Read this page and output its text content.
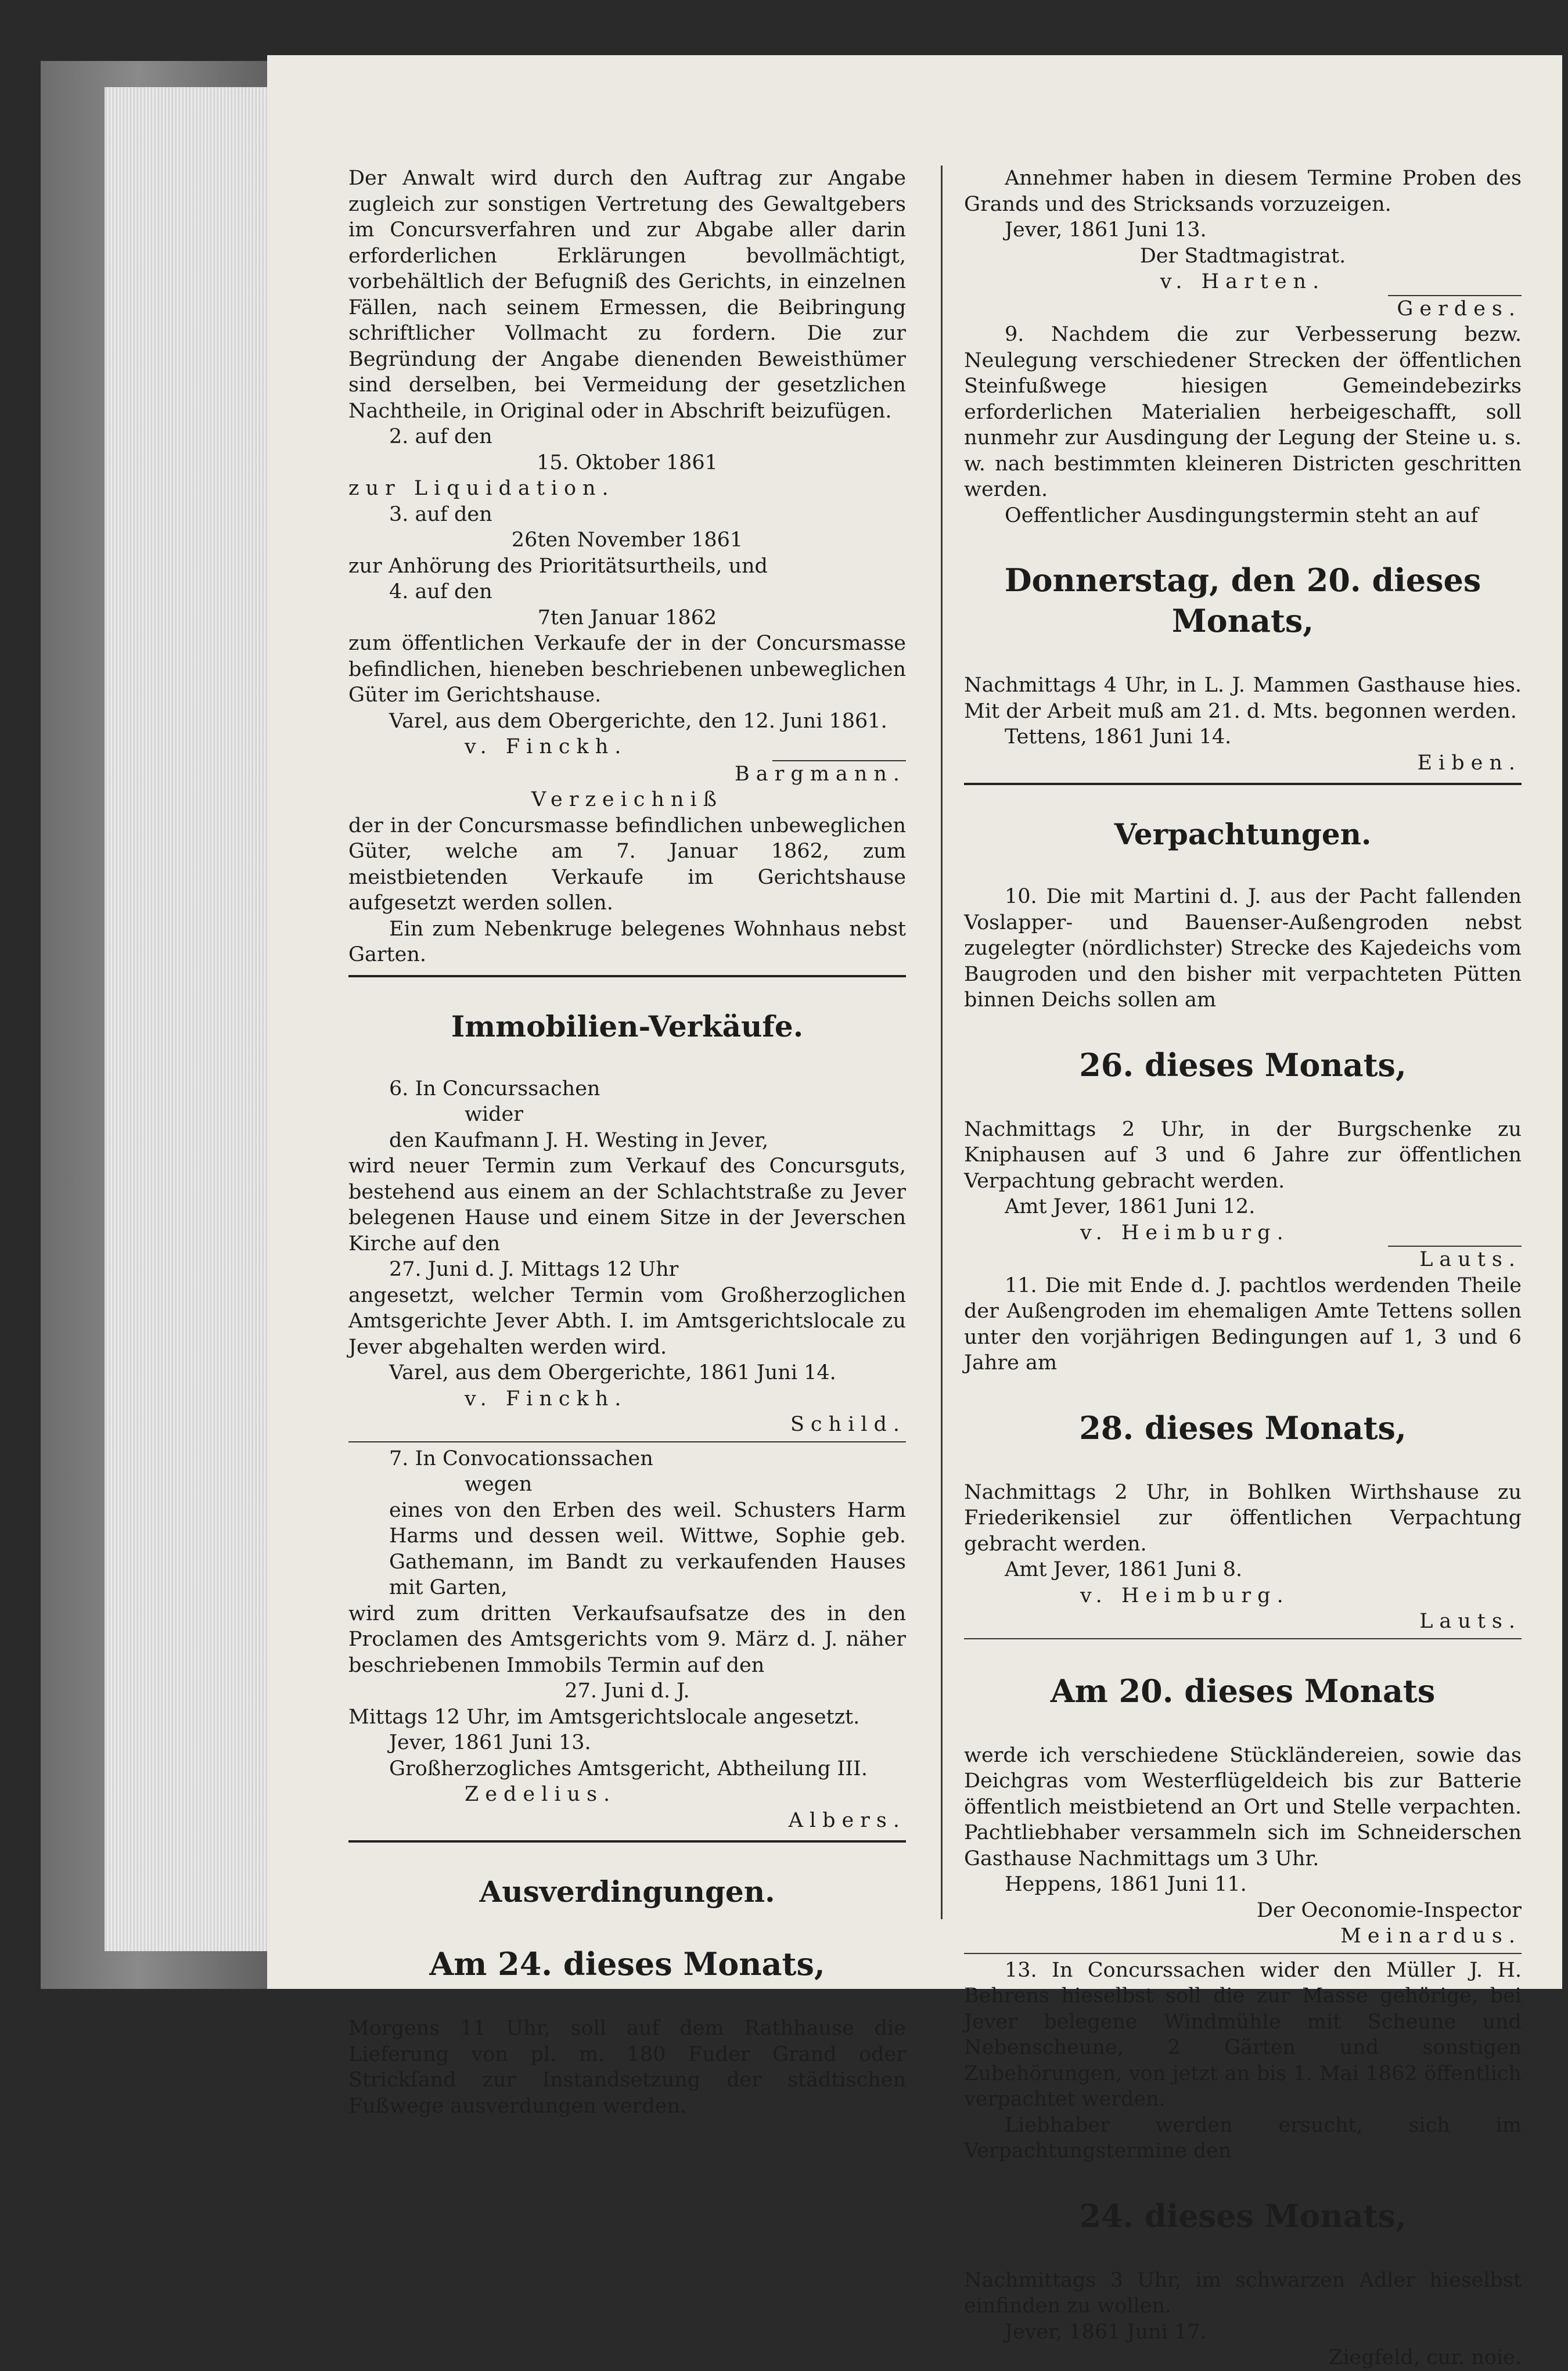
Der Anwalt wird durch den Auftrag zur Angabe zugleich zur sonstigen Vertretung des Gewaltgebers im Concursverfahren und zur Abgabe aller darin erforderlichen Erklärungen bevollmächtigt, vorbehältlich der Befugniß des Gerichts, in einzelnen Fällen, nach seinem Ermessen, die Beibringung schriftlicher Vollmacht zu fordern. Die zur Begründung der Angabe dienenden Beweisthümer sind derselben, bei Vermeidung der gesetzlichen Nachtheile, in Original oder in Abschrift beizufügen.

2. auf den

15. Oktober 1861

zur Liquidation.

3. auf den

26ten November 1861

zur Anhörung des Prioritätsurtheils, und

4. auf den

7ten Januar 1862

zum öffentlichen Verkaufe der in der Concursmasse befindlichen, hieneben beschriebenen unbeweglichen Güter im Gerichtshause.

Varel, aus dem Obergerichte, den 12. Juni 1861.

v. Finckh.

Bargmann.

Verzeichniß

der in der Concursmasse befindlichen unbeweglichen Güter, welche am 7. Januar 1862, zum meistbietenden Verkaufe im Gerichtshause aufgesetzt werden sollen.

Ein zum Nebenkruge belegenes Wohnhaus nebst Garten.

Immobilien-Verkäufe.

6. In Concurssachen

wider

den Kaufmann J. H. Westing in Jever,

wird neuer Termin zum Verkauf des Concursguts, bestehend aus einem an der Schlachtstraße zu Jever belegenen Hause und einem Sitze in der Jeverschen Kirche auf den

27. Juni d. J. Mittags 12 Uhr

angesetzt, welcher Termin vom Großherzoglichen Amtsgerichte Jever Abth. I. im Amtsgerichtslocale zu Jever abgehalten werden wird.

Varel, aus dem Obergerichte, 1861 Juni 14.

v. Finckh.

Schild.

7. In Convocationssachen

wegen

eines von den Erben des weil. Schusters Harm Harms und dessen weil. Wittwe, Sophie geb. Gathemann, im Bandt zu verkaufenden Hauses mit Garten,

wird zum dritten Verkaufsaufsatze des in den Proclamen des Amtsgerichts vom 9. März d. J. näher beschriebenen Immobils Termin auf den

27. Juni d. J.

Mittags 12 Uhr, im Amtsgerichtslocale angesetzt.

Jever, 1861 Juni 13.

Großherzogliches Amtsgericht, Abtheilung III.

Zedelius.

Albers.

Ausverdingungen.

Am 24. dieses Monats,

Morgens 11 Uhr, soll auf dem Rathhause die Lieferung von pl. m. 180 Fuder Grand oder Strickſand zur Instandsetzung der städtischen Fußwege ausverdungen werden.

Annehmer haben in diesem Termine Proben des Grands und des Stricksands vorzuzeigen.

Jever, 1861 Juni 13.

Der Stadtmagistrat.

v. Harten.

Gerdes.

9. Nachdem die zur Verbesserung bezw. Neulegung verschiedener Strecken der öffentlichen Steinfußwege hiesigen Gemeindebezirks erforderlichen Materialien herbeigeschafft, soll nunmehr zur Ausdingung der Legung der Steine u. s. w. nach bestimmten kleineren Districten geschritten werden.

Oeffentlicher Ausdingungstermin steht an auf

Donnerstag, den 20. dieses Monats,

Nachmittags 4 Uhr, in L. J. Mammen Gasthause hies. Mit der Arbeit muß am 21. d. Mts. begonnen werden.

Tettens, 1861 Juni 14.

Eiben.

Verpachtungen.

10. Die mit Martini d. J. aus der Pacht fallenden Voslapper- und Bauenser-Außengroden nebst zugelegter (nördlichster) Strecke des Kajedeichs vom Baugroden und den bisher mit verpachteten Pütten binnen Deichs sollen am

26. dieses Monats,

Nachmittags 2 Uhr, in der Burgschenke zu Kniphausen auf 3 und 6 Jahre zur öffentlichen Verpachtung gebracht werden.

Amt Jever, 1861 Juni 12.

v. Heimburg.

Lauts.

11. Die mit Ende d. J. pachtlos werdenden Theile der Außengroden im ehemaligen Amte Tettens sollen unter den vorjährigen Bedingungen auf 1, 3 und 6 Jahre am

28. dieses Monats,

Nachmittags 2 Uhr, in Bohlken Wirthshause zu Friederikensiel zur öffentlichen Verpachtung gebracht werden.

Amt Jever, 1861 Juni 8.

v. Heimburg.

Lauts.

Am 20. dieses Monats

werde ich verschiedene Stückländereien, sowie das Deichgras vom Westerflügeldeich bis zur Batterie öffentlich meistbietend an Ort und Stelle verpachten. Pachtliebhaber versammeln sich im Schneiderschen Gasthause Nachmittags um 3 Uhr.

Heppens, 1861 Juni 11.

Der Oeconomie-Inspector

Meinardus.

13. In Concurssachen wider den Müller J. H. Behrens hieselbst soll die zur Masse gehörige, bei Jever belegene Windmühle mit Scheune und Nebenscheune, 2 Gärten und sonstigen Zubehörungen, von jetzt an bis 1. Mai 1862 öffentlich verpachtet werden.

Liebhaber werden ersucht, sich im Verpachtungstermine den

24. dieses Monats,

Nachmittags 3 Uhr, im schwarzen Adler hieselbst einfinden zu wollen.

Jever, 1861 Juni 17.

Ziegfeld, cur. noie.
